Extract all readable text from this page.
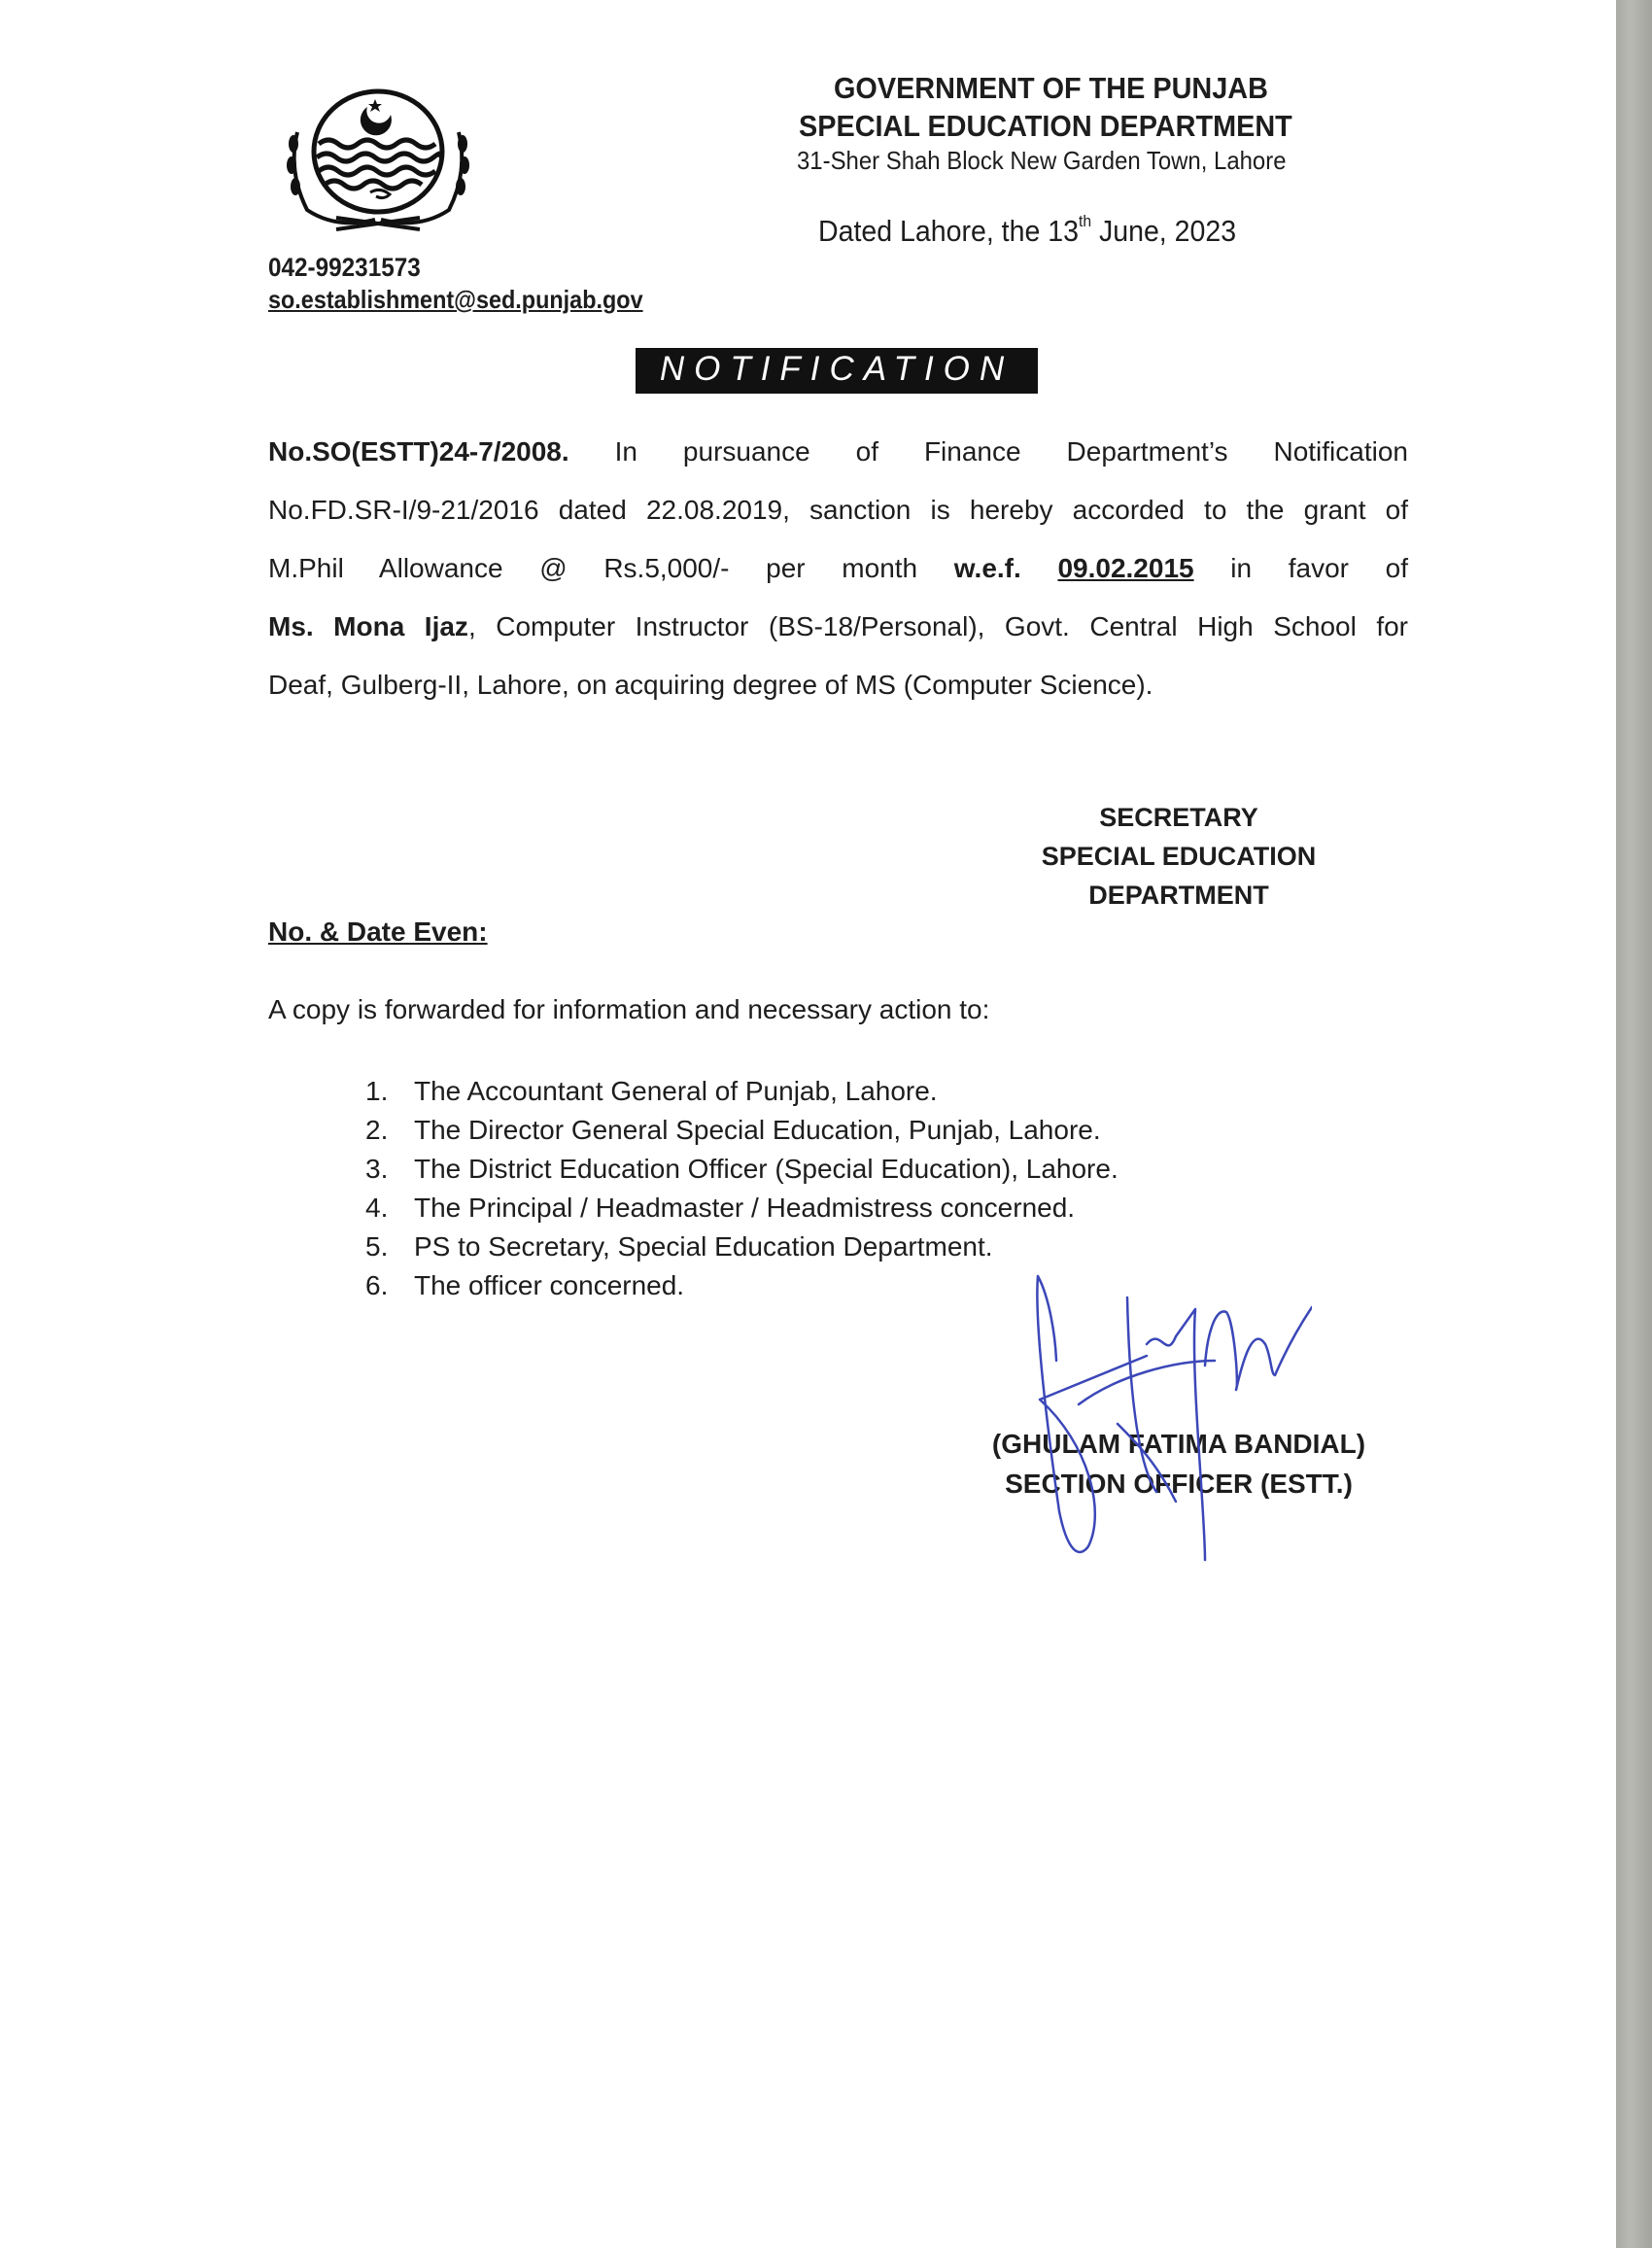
GOVERNMENT OF THE PUNJAB
SPECIAL EDUCATION DEPARTMENT
31-Sher Shah Block New Garden Town, Lahore
Dated Lahore, the 13th June, 2023
042-99231573
so.establishment@sed.punjab.gov
NOTIFICATION
No.SO(ESTT)24-7/2008. In pursuance of Finance Department’s Notification
No.FD.SR-I/9-21/2016 dated 22.08.2019, sanction is hereby accorded to the grant of
M.Phil Allowance @ Rs.5,000/- per month w.e.f. 09.02.2015 in favor of
Ms. Mona Ijaz, Computer Instructor (BS-18/Personal), Govt. Central High School for
Deaf, Gulberg-II, Lahore, on acquiring degree of MS (Computer Science).
SECRETARY
SPECIAL EDUCATION
DEPARTMENT
No. & Date Even:
A copy is forwarded for information and necessary action to:
1. The Accountant General of Punjab, Lahore.
2. The Director General Special Education, Punjab, Lahore.
3. The District Education Officer (Special Education), Lahore.
4. The Principal / Headmaster / Headmistress concerned.
5. PS to Secretary, Special Education Department.
6. The officer concerned.
(GHULAM FATIMA BANDIAL)
SECTION OFFICER (ESTT.)
